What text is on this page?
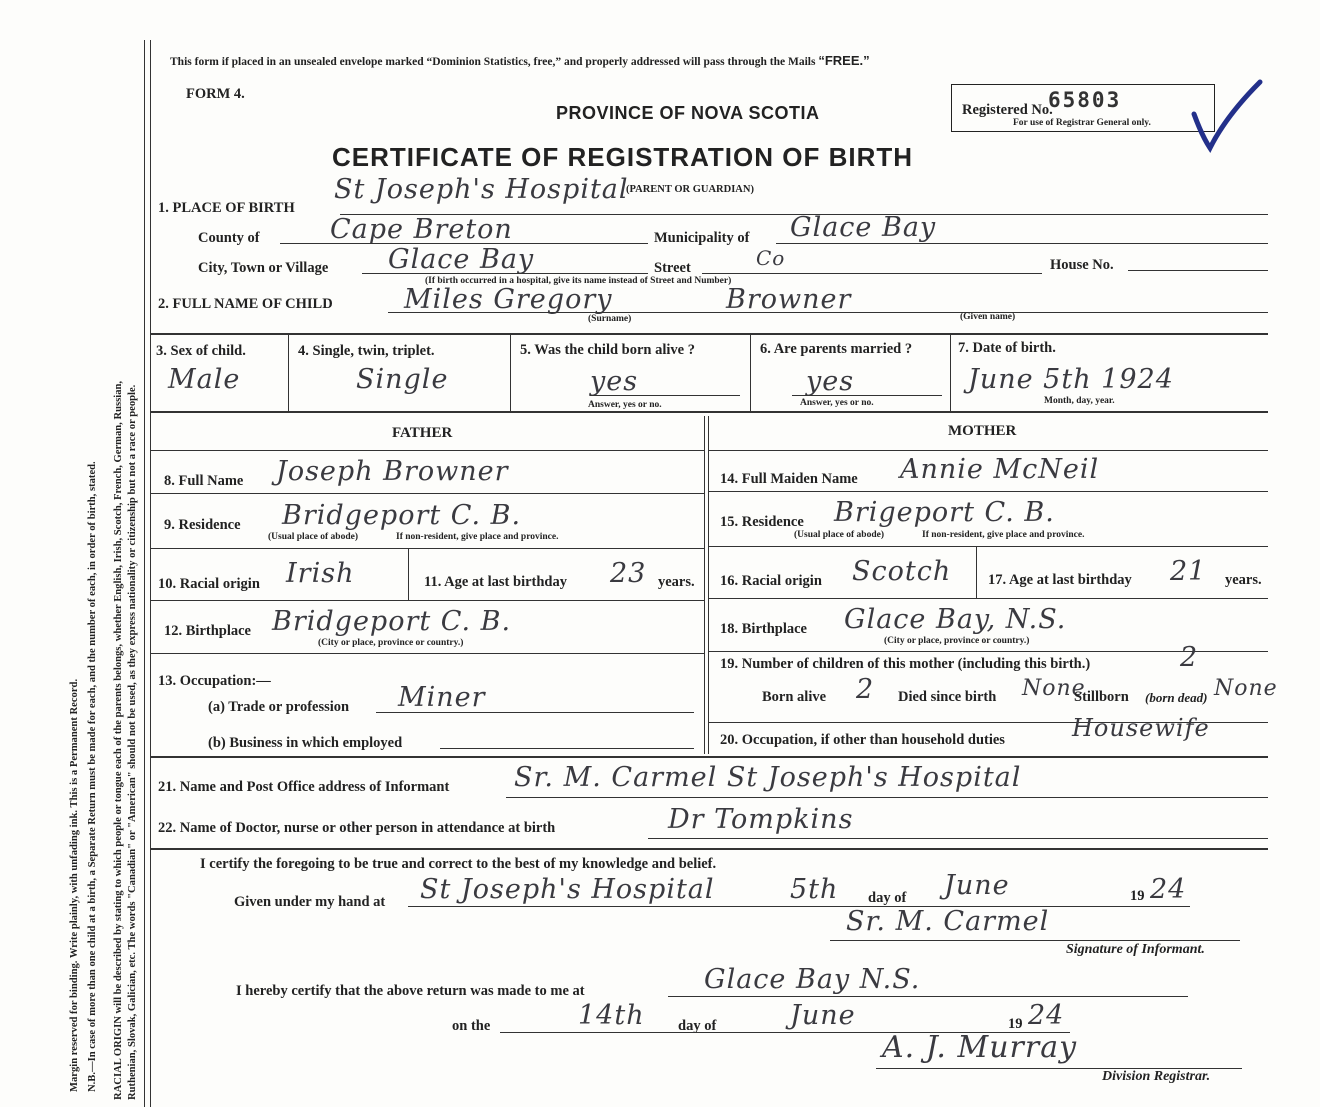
Margin reserved for binding. Write plainly, with unfading ink. This is a Permanent Record. N.B.—In case of more than one child at a birth, a Separate Return must be made for each, and the number of each, in order of birth, stated. RACIAL ORIGIN will be described by stating to which people or tongue each of the parents belongs, whether English, Irish, Scotch, French, German, Russian, Ruthenian, Slovak, Galician, etc. The words "Canadian" or "American" should not be used, as they express nationality or citizenship but not a race or people.
This form if placed in an unsealed envelope marked “Dominion Statistics, free,” and properly addressed will pass through the Mails “FREE.”
FORM 4.
PROVINCE OF NOVA SCOTIA
CERTIFICATE OF REGISTRATION OF BIRTH
Registered No.
65803
For use of Registrar General only.
1. PLACE OF BIRTH
St Joseph's Hospital
(PARENT OR GUARDIAN)
County of	Cape Breton	Municipality of Glace Bay
City, Town or Village Glace Bay	Street	Co	House No.
(If birth occurred in a hospital, give its name instead of Street and Number)
2. FULL NAME OF CHILD	Miles Gregory	Browner
(Surname)	(Given name)
3. Sex of child.	4. Single, twin, triplet.	5. Was the child born alive ?	6. Are parents married ?	7. Date of birth.
Male	Single	yes	yes	June 5th 1924
Answer, yes or no.	Answer, yes or no.	Month, day, year.
FATHER	MOTHER
8. Full Name Joseph Browner	14. Full Maiden Name Annie McNeil
9. Residence Bridgeport C. B.
(Usual place of abode)	If non-resident, give place and province.
15. Residence Brigeport C. B.
(Usual place of abode)	If non-resident, give place and province.
10. Racial origin Irish	11. Age at last birthday 23 years. 16. Racial origin Scotch	17. Age at last birthday 21 years.
12. Birthplace Bridgeport C. B.
(City or place, province or country.)
18. Birthplace Glace Bay, N.S.
(City or place, province or country.)
13. Occupation:—
(a) Trade or profession Miner
(b) Business in which employed
19. Number of children of this mother (including this birth.)	2
Born alive 2 Died since birth None
Stillborn (born dead) None
20. Occupation, if other than household duties	Housewife
21. Name and Post Office address of Informant Sr. M. Carmel St Joseph's Hospital
22. Name of Doctor, nurse or other person in attendance at birth	Dr Tompkins
I certify the foregoing to be true and correct to the best of my knowledge and belief.
Given under my hand at St Joseph's Hospital	5th day of June	19 24
Sr. M. Carmel
Signature of Informant.
I hereby certify that the above return was made to me at	Glace Bay N.S.
on the	14th day of	June	19 24
A. J. Murray
Division Registrar.
